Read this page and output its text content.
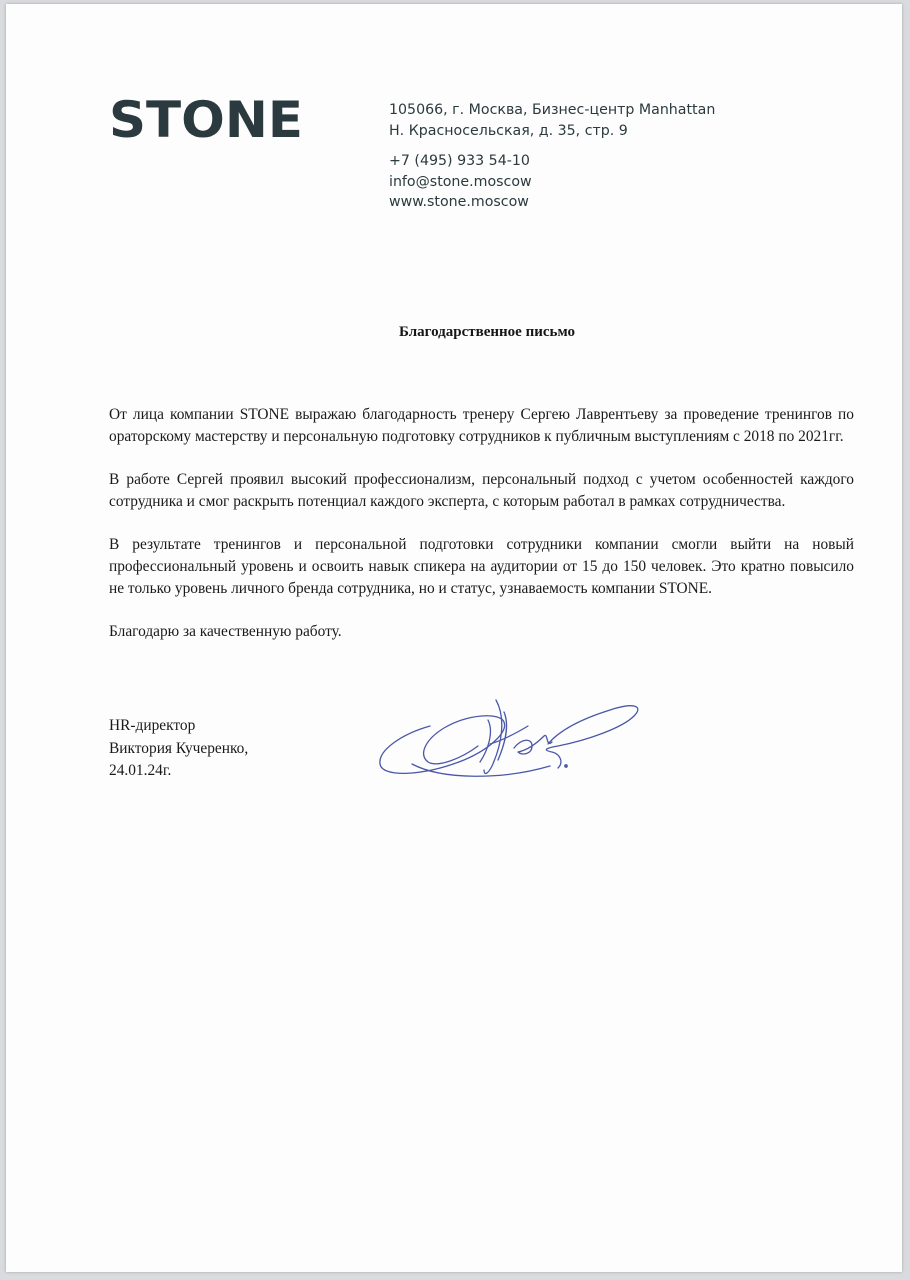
STONE	105066, г. Москва, Бизнес-центр Manhattan
Н. Красносельская, д. 35, стр. 9
+7 (495) 933 54-10
info@stone.moscow
www.stone.moscow
Благодарственное письмо

От лица компании STONE выражаю благодарность тренеру Сергею Лаврентьеву за проведение тренингов по ораторскому мастерству и персональную подготовку сотрудников к публичным выступлениям с 2018 по 2021гг.

В работе Сергей проявил высокий профессионализм, персональный подход с учетом особенностей каждого сотрудника и смог раскрыть потенциал каждого эксперта, с которым работал в рамках сотрудничества.

В результате тренингов и персональной подготовки сотрудники компании смогли выйти на новый профессиональный уровень и освоить навык спикера на аудитории от 15 до 150 человек. Это кратно повысило не только уровень личного бренда сотрудника, но и статус, узнаваемость компании STONE.

Благодарю за качественную работу.

HR-директор
Виктория Кучеренко,
24.01.24г.
